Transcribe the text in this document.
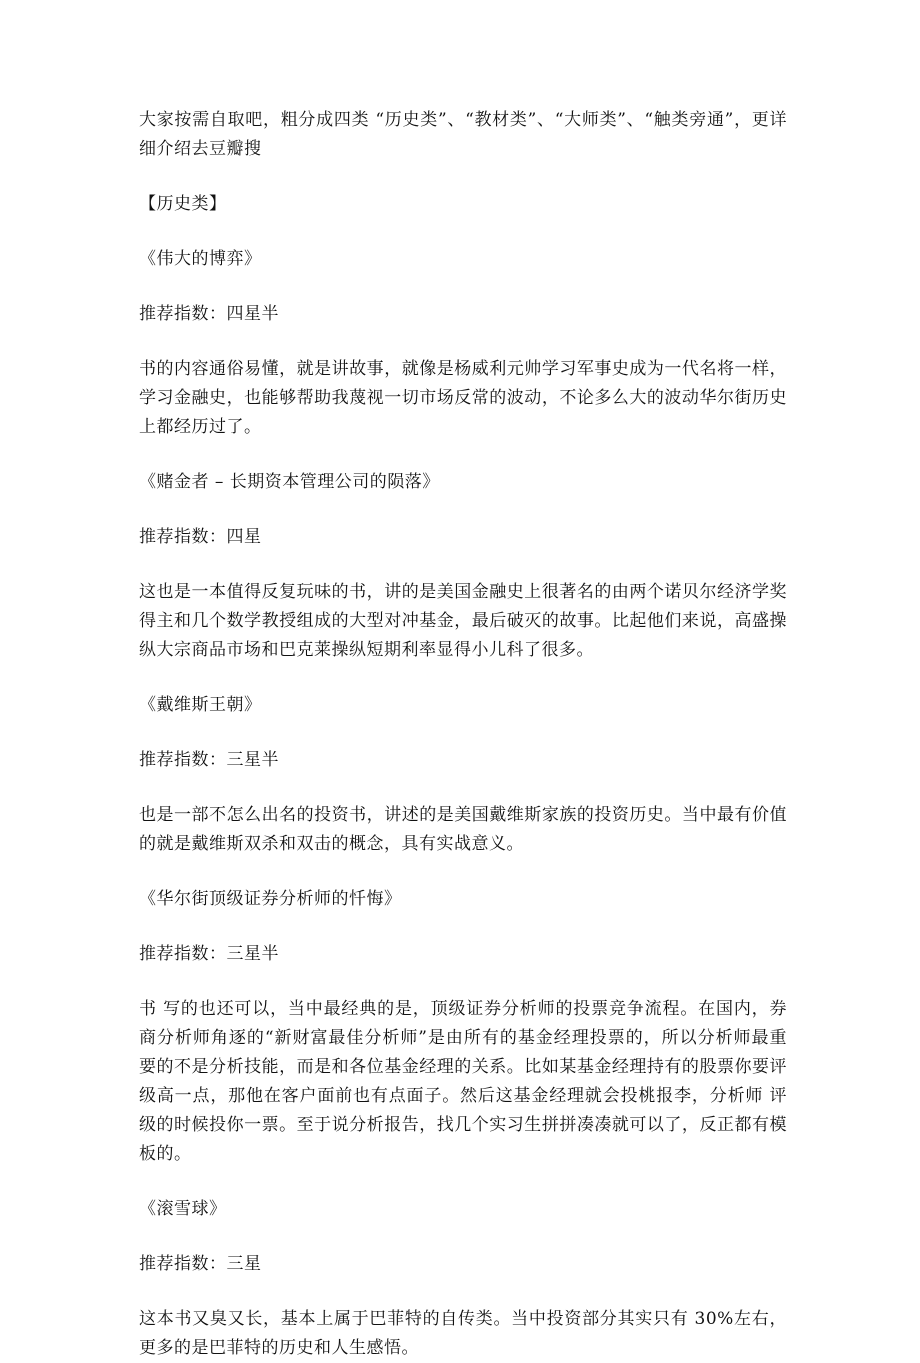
大家按需自取吧，粗分成四类 “历史类”、“教材类”、“大师类”、“触类旁通”，更详细介绍去豆瓣搜

【历史类】

《伟大的博弈》

推荐指数：四星半

书的内容通俗易懂，就是讲故事，就像是杨威利元帅学习军事史成为一代名将一样，学习金融史，也能够帮助我蔑视一切市场反常的波动，不论多么大的波动华尔街历史上都经历过了。

《赌金者 – 长期资本管理公司的陨落》

推荐指数：四星

这也是一本值得反复玩味的书，讲的是美国金融史上很著名的由两个诺贝尔经济学奖得主和几个数学教授组成的大型对冲基金，最后破灭的故事。比起他们来说，高盛操纵大宗商品市场和巴克莱操纵短期利率显得小儿科了很多。

《戴维斯王朝》

推荐指数：三星半

也是一部不怎么出名的投资书，讲述的是美国戴维斯家族的投资历史。当中最有价值的就是戴维斯双杀和双击的概念，具有实战意义。

《华尔街顶级证券分析师的忏悔》

推荐指数：三星半

书 写的也还可以，当中最经典的是，顶级证券分析师的投票竞争流程。在国内，券商分析师角逐的“新财富最佳分析师”是由所有的基金经理投票的，所以分析师最重 要的不是分析技能，而是和各位基金经理的关系。比如某基金经理持有的股票你要评级高一点，那他在客户面前也有点面子。然后这基金经理就会投桃报李，分析师 评级的时候投你一票。至于说分析报告，找几个实习生拼拼凑凑就可以了，反正都有模板的。

《滚雪球》

推荐指数：三星

这本书又臭又长，基本上属于巴菲特的自传类。当中投资部分其实只有 30%左右，更多的是巴菲特的历史和人生感悟。
